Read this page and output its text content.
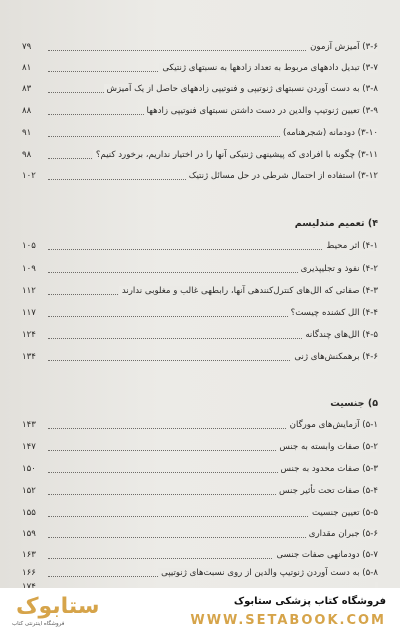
۳-۶) آمیزش آزمون
۷۹
۳-۷) تبدیل دادههای مربوط به تعداد زادهها به نسبتهای ژنتیکی
۸۱
۳-۸) به دست آوردن نسبتهای ژنوتیپی و فنوتیپی زادههای حاصل از یک آمیزش
۸۳
۳-۹) تعیین ژنوتیپ والدین در دست داشتن نسبتهای فنوتیپی زادهها
۸۸
۳-۱۰) دودمانه (شجرهنامه)
۹۱
۳-۱۱) چگونه با افرادی که پیشینهی ژنتیکی آنها را در اختیار نداریم، برخورد کنیم؟
۹۸
۳-۱۲) استفاده از احتمال شرطی در حل مسائل ژنتیک
۱۰۲
۴) تعمیم مندلیسم
۴-۱) اثر محیط
۱۰۵
۴-۲) نفوذ و تجلیپذیری
۱۰۹
۴-۳) صفاتی که الل‌های کنترل‌کنندهی آنها، رابطهی غالب و مغلوبی ندارند
۱۱۲
۴-۴) الل کشنده چیست؟
۱۱۷
۴-۵) الل‌های چندگانه
۱۲۴
۴-۶) برهمکنش‌های ژنی
۱۳۴
۵) جنسیت
۵-۱) آزمایش‌های مورگان
۱۴۳
۵-۲) صفات وابسته به جنس
۱۴۷
۵-۳) صفات محدود به جنس
۱۵۰
۵-۴) صفات تحت تأثیر جنس
۱۵۲
۵-۵) تعیین جنسیت
۱۵۵
۵-۶) جبران مقداری
۱۵۹
۵-۷) دودمانهی صفات جنسی
۱۶۳
۵-۸) به دست آوردن ژنوتیپ والدین از روی نسبت‌های ژنوتیپی
۱۶۶
۱۷۴
ستابوک
فروشگاه اینترنتی کتاب
فروشگاه کتاب پزشکی ستابوک
WWW.SETABOOK.COM
